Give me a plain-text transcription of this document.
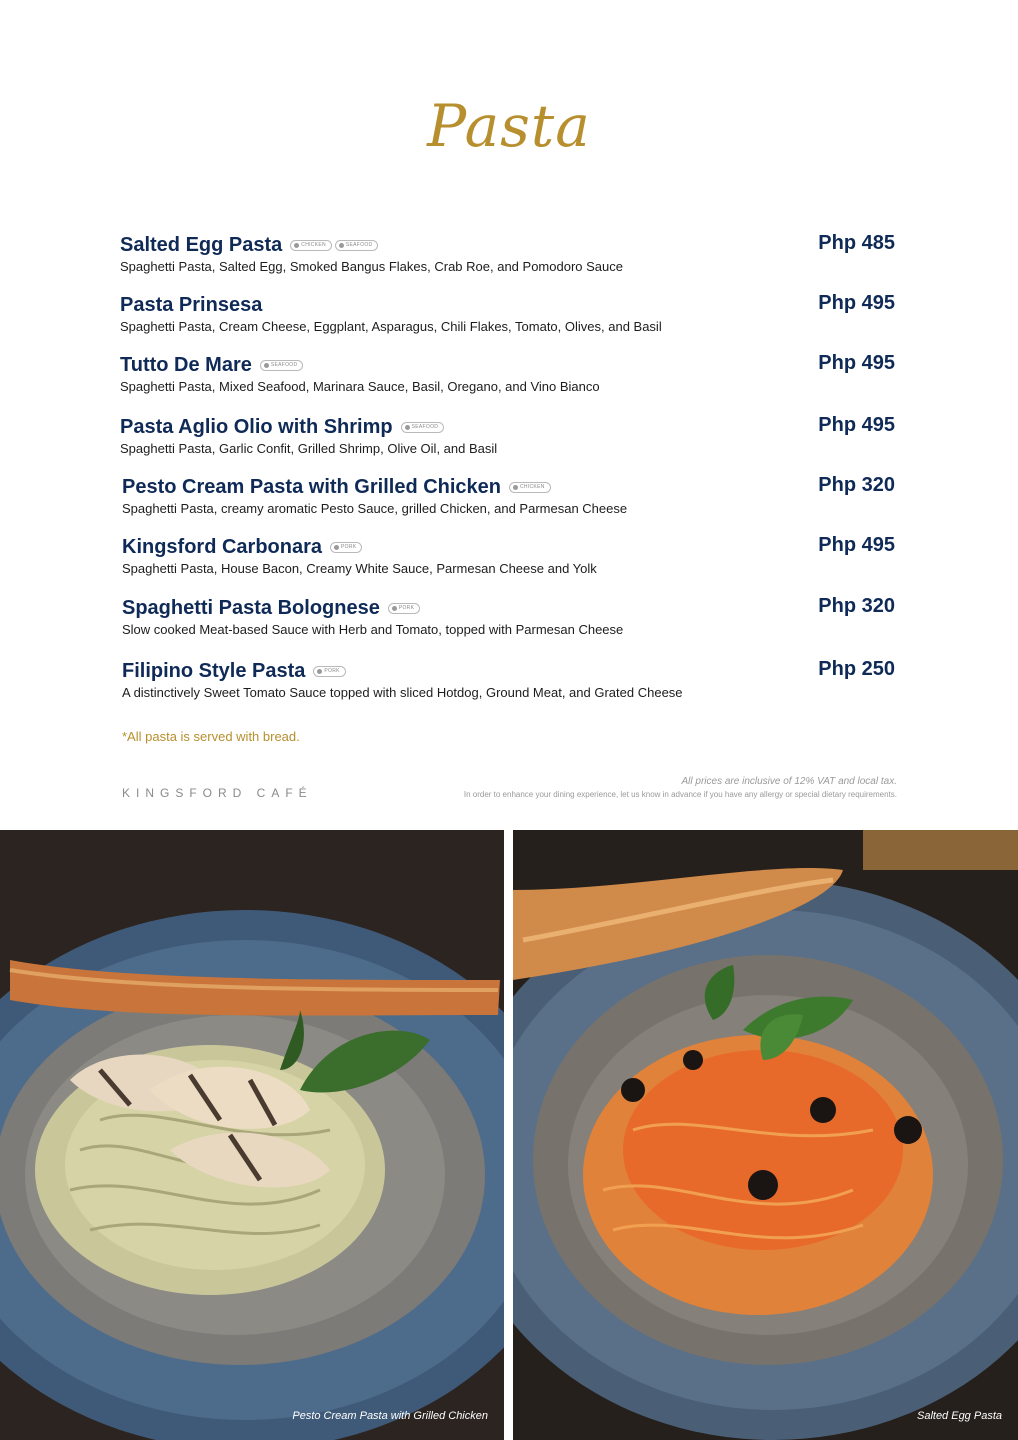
Pasta
Salted Egg Pasta	CHICKEN	SEAFOOD	Php 485
Spaghetti Pasta, Salted Egg, Smoked Bangus Flakes, Crab Roe, and Pomodoro Sauce
Pasta Prinsesa	Php 495
Spaghetti Pasta, Cream Cheese, Eggplant, Asparagus, Chili Flakes, Tomato, Olives, and Basil
Tutto De Mare	SEAFOOD	Php 495
Spaghetti Pasta, Mixed Seafood, Marinara Sauce, Basil, Oregano, and Vino Bianco
Pasta Aglio Olio with Shrimp	SEAFOOD	Php 495
Spaghetti Pasta, Garlic Confit, Grilled Shrimp, Olive Oil, and Basil
Pesto Cream Pasta with Grilled Chicken	CHICKEN	Php 320
Spaghetti Pasta, creamy aromatic Pesto Sauce, grilled Chicken, and Parmesan Cheese
Kingsford Carbonara	PORK	Php 495
Spaghetti Pasta, House Bacon, Creamy White Sauce, Parmesan Cheese and Yolk
Spaghetti Pasta Bolognese	PORK	Php 320
Slow cooked Meat-based Sauce with Herb and Tomato, topped with Parmesan Cheese
Filipino Style Pasta	PORK	Php 250
A distinctively Sweet Tomato Sauce topped with sliced Hotdog, Ground Meat, and Grated Cheese
*All pasta is served with bread.
KINGSFORD CAFÉ
All prices are inclusive of 12% VAT and local tax.
In order to enhance your dining experience, let us know in advance if you have any allergy or special dietary requirements.
Pesto Cream Pasta with Grilled Chicken	Salted Egg Pasta
